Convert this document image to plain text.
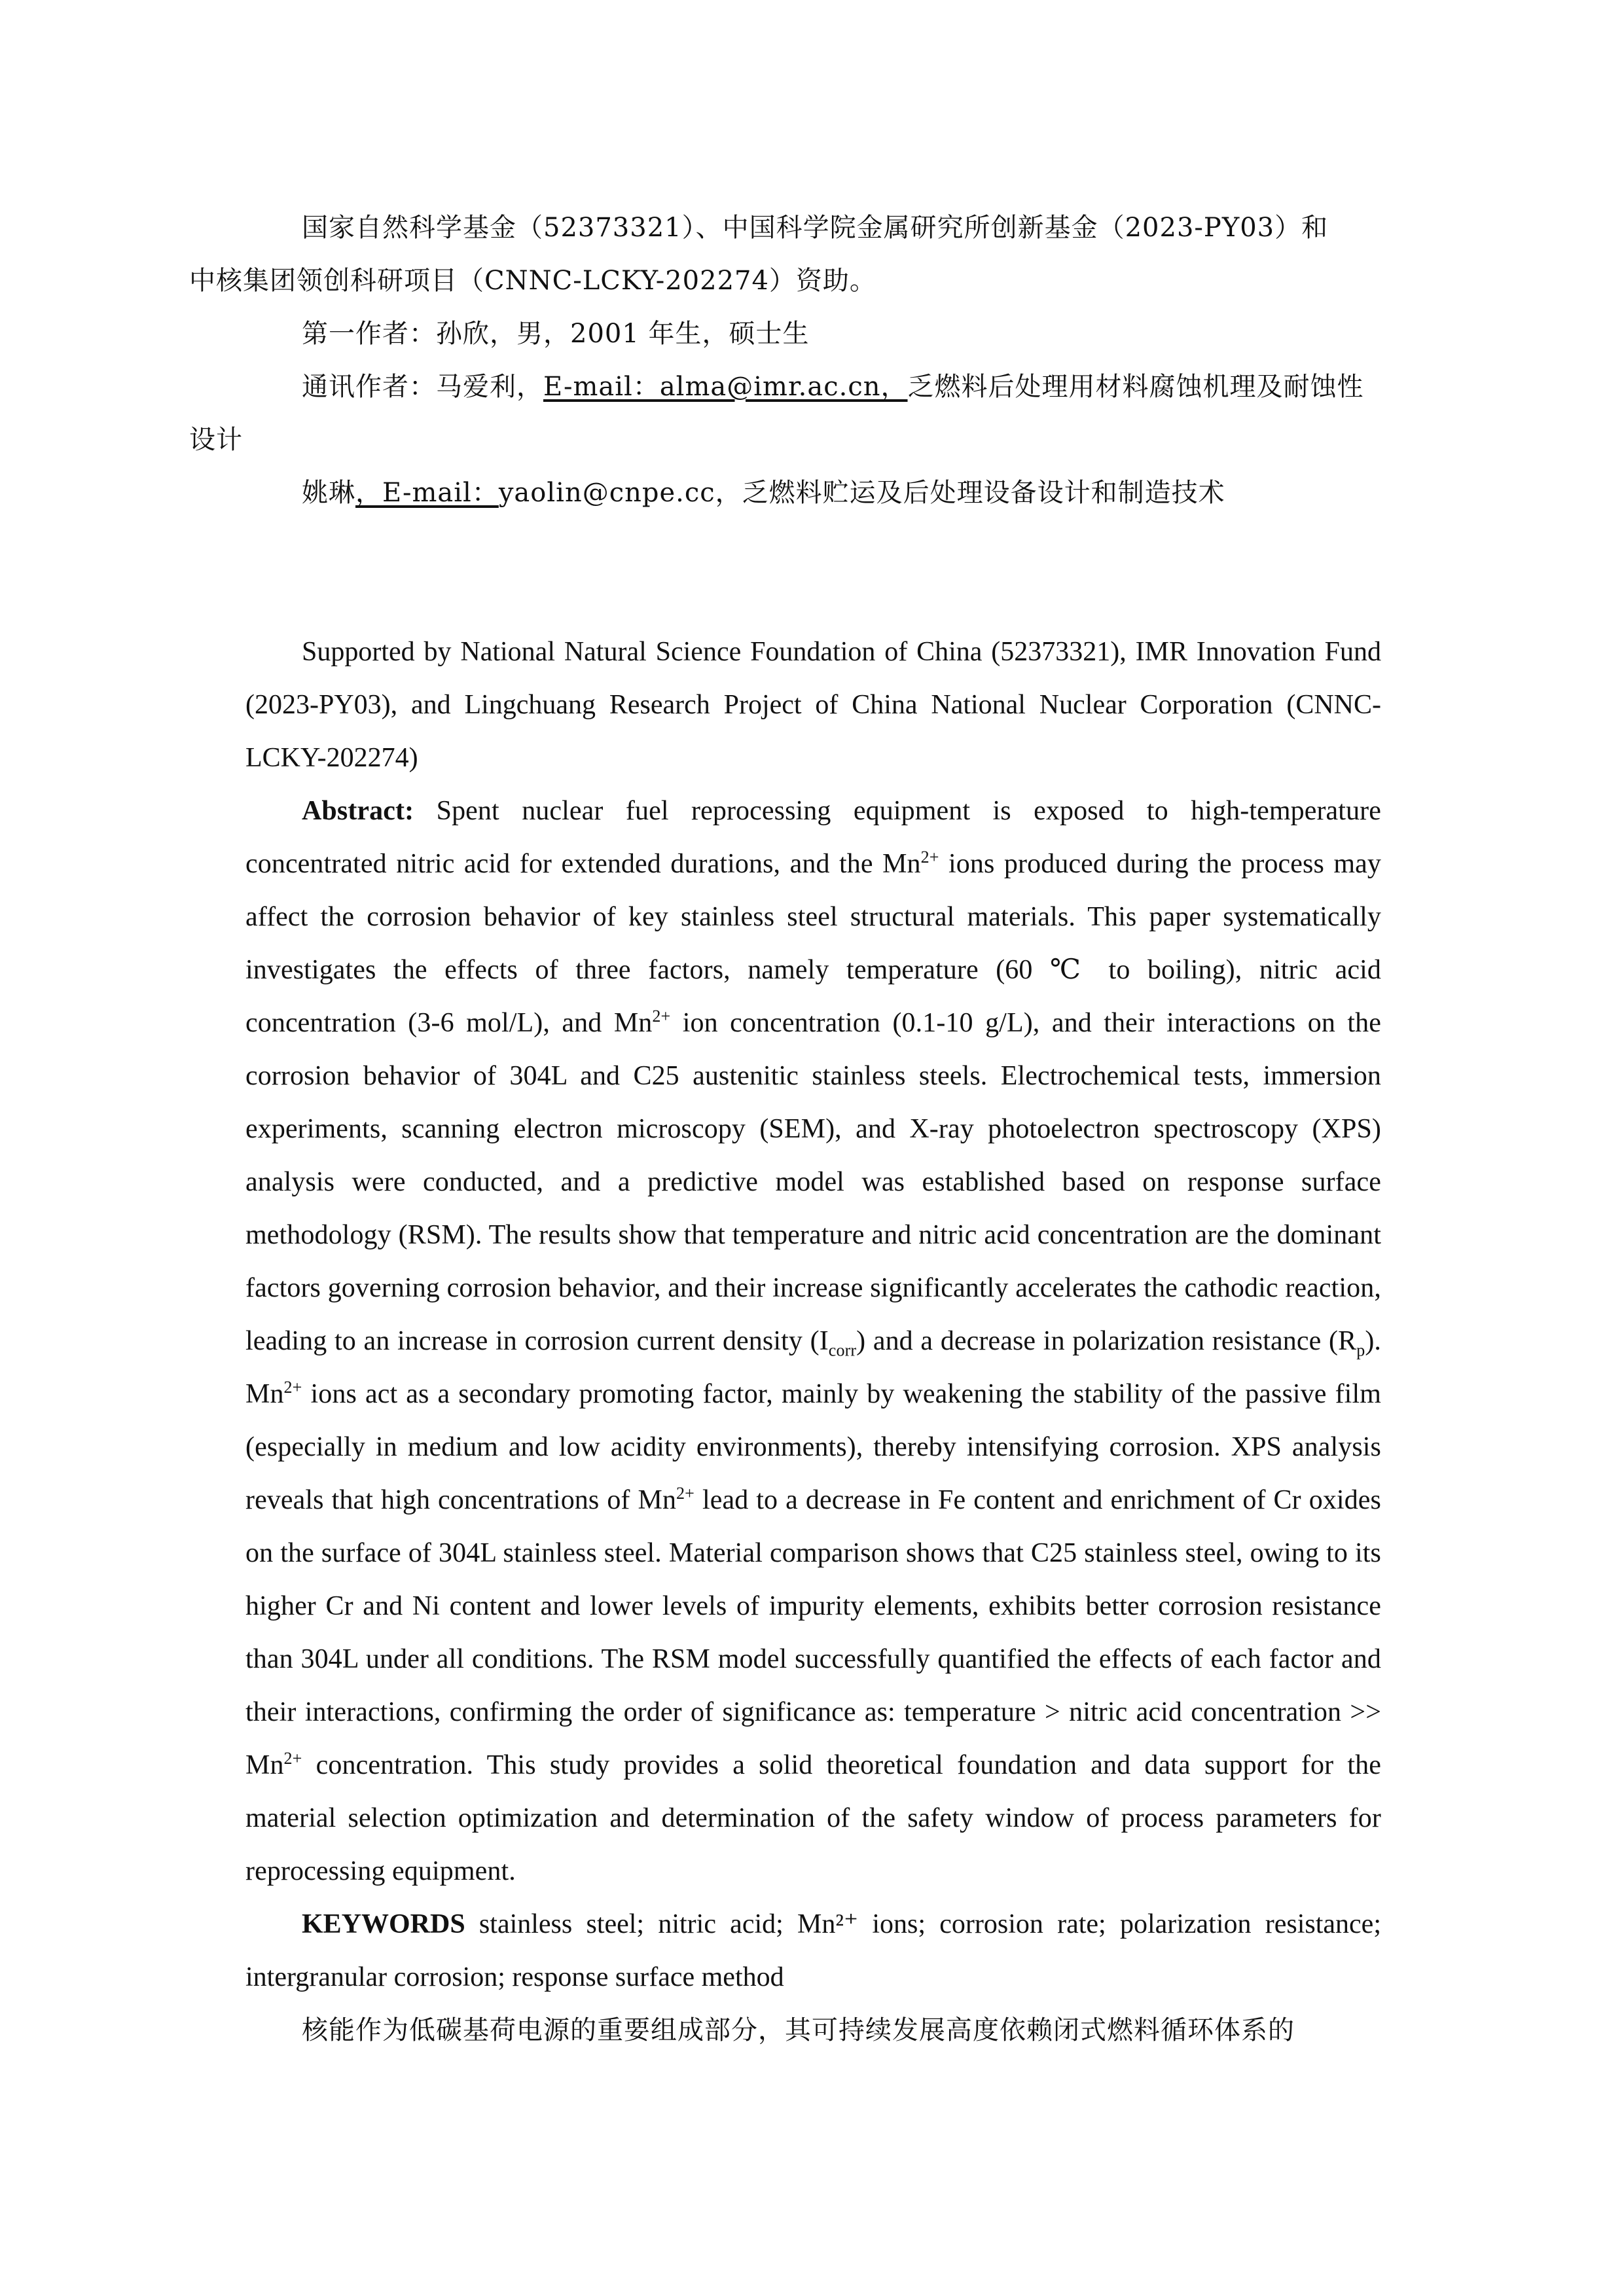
国家自然科学基金（52373321）、中国科学院金属研究所创新基金（2023-PY03）和
中核集团领创科研项目（CNNC-LCKY-202274）资助。

第一作者：孙欣，男，2001 年生，硕士生

通讯作者：马爱利，E-mail：alma@imr.ac.cn，乏燃料后处理用材料腐蚀机理及耐蚀性
设计

姚琳，E-mail：yaolin@cnpe.cc，乏燃料贮运及后处理设备设计和制造技术

Supported by National Natural Science Foundation of China (52373321), IMR Innovation Fund (2023-PY03), and Lingchuang Research Project of China National Nuclear Corporation (CNNC-LCKY-202274)

Abstract: Spent nuclear fuel reprocessing equipment is exposed to high-temperature concentrated nitric acid for extended durations, and the $Mn^{2+}$ ions produced during the process may affect the corrosion behavior of key stainless steel structural materials. This paper systematically investigates the effects of three factors, namely temperature (60 ℃ to boiling), nitric acid concentration (3-6 mol/L), and $Mn^{2+}$ ion concentration (0.1-10 g/L), and their interactions on the corrosion behavior of 304L and C25 austenitic stainless steels. Electrochemical tests, immersion experiments, scanning electron microscopy (SEM), and X-ray photoelectron spectroscopy (XPS) analysis were conducted, and a predictive model was established based on response surface methodology (RSM). The results show that temperature and nitric acid concentration are the dominant factors governing corrosion behavior, and their increase significantly accelerates the cathodic reaction, leading to an increase in corrosion current density $(I_{corr})$ and a decrease in polarization resistance $(R_p)$. $Mn^{2+}$ ions act as a secondary promoting factor, mainly by weakening the stability of the passive film (especially in medium and low acidity environments), thereby intensifying corrosion. XPS analysis reveals that high concentrations of $Mn^{2+}$ lead to a decrease in Fe content and enrichment of Cr oxides on the surface of 304L stainless steel. Material comparison shows that C25 stainless steel, owing to its higher Cr and Ni content and lower levels of impurity elements, exhibits better corrosion resistance than 304L under all conditions. The RSM model successfully quantified the effects of each factor and their interactions, confirming the order of significance as: temperature > nitric acid concentration >> $Mn^{2+}$ concentration. This study provides a solid theoretical foundation and data support for the material selection optimization and determination of the safety window of process parameters for reprocessing equipment.

KEYWORDS stainless steel; nitric acid; Mn²⁺ ions; corrosion rate; polarization resistance; intergranular corrosion; response surface method

核能作为低碳基荷电源的重要组成部分，其可持续发展高度依赖闭式燃料循环体系的
